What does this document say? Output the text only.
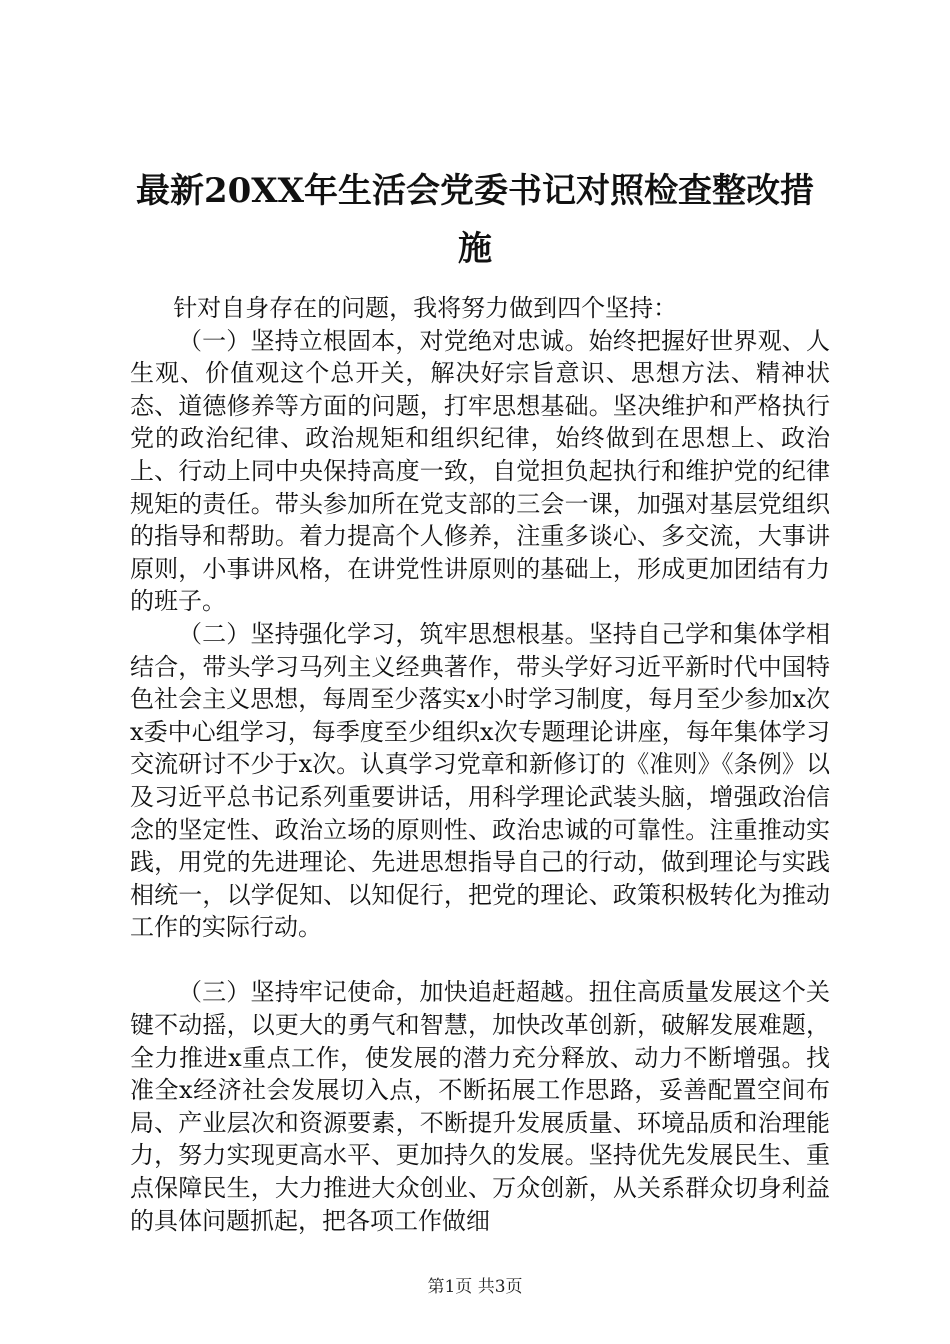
最新20XX年生活会党委书记对照检查整改措施

针对自身存在的问题，我将努力做到四个坚持：

（一）坚持立根固本，对党绝对忠诚。始终把握好世界观、人生观、价值观这个总开关，解决好宗旨意识、思想方法、精神状态、道德修养等方面的问题，打牢思想基础。坚决维护和严格执行党的政治纪律、政治规矩和组织纪律，始终做到在思想上、政治上、行动上同中央保持高度一致，自觉担负起执行和维护党的纪律规矩的责任。带头参加所在党支部的三会一课，加强对基层党组织的指导和帮助。着力提高个人修养，注重多谈心、多交流，大事讲原则，小事讲风格，在讲党性讲原则的基础上，形成更加团结有力的班子。

（二）坚持强化学习，筑牢思想根基。坚持自己学和集体学相结合，带头学习马列主义经典著作，带头学好习近平新时代中国特色社会主义思想，每周至少落实x小时学习制度，每月至少参加x次x委中心组学习，每季度至少组织x次专题理论讲座，每年集体学习交流研讨不少于x次。认真学习党章和新修订的《准则》《条例》以及习近平总书记系列重要讲话，用科学理论武装头脑，增强政治信念的坚定性、政治立场的原则性、政治忠诚的可靠性。注重推动实践，用党的先进理论、先进思想指导自己的行动，做到理论与实践相统一，以学促知、以知促行，把党的理论、政策积极转化为推动工作的实际行动。

（三）坚持牢记使命，加快追赶超越。扭住高质量发展这个关键不动摇，以更大的勇气和智慧，加快改革创新，破解发展难题，全力推进x重点工作，使发展的潜力充分释放、动力不断增强。找准全x经济社会发展切入点，不断拓展工作思路，妥善配置空间布局、产业层次和资源要素，不断提升发展质量、环境品质和治理能力，努力实现更高水平、更加持久的发展。坚持优先发展民生、重点保障民生，大力推进大众创业、万众创新，从关系群众切身利益的具体问题抓起，把各项工作做细

第1页 共3页
